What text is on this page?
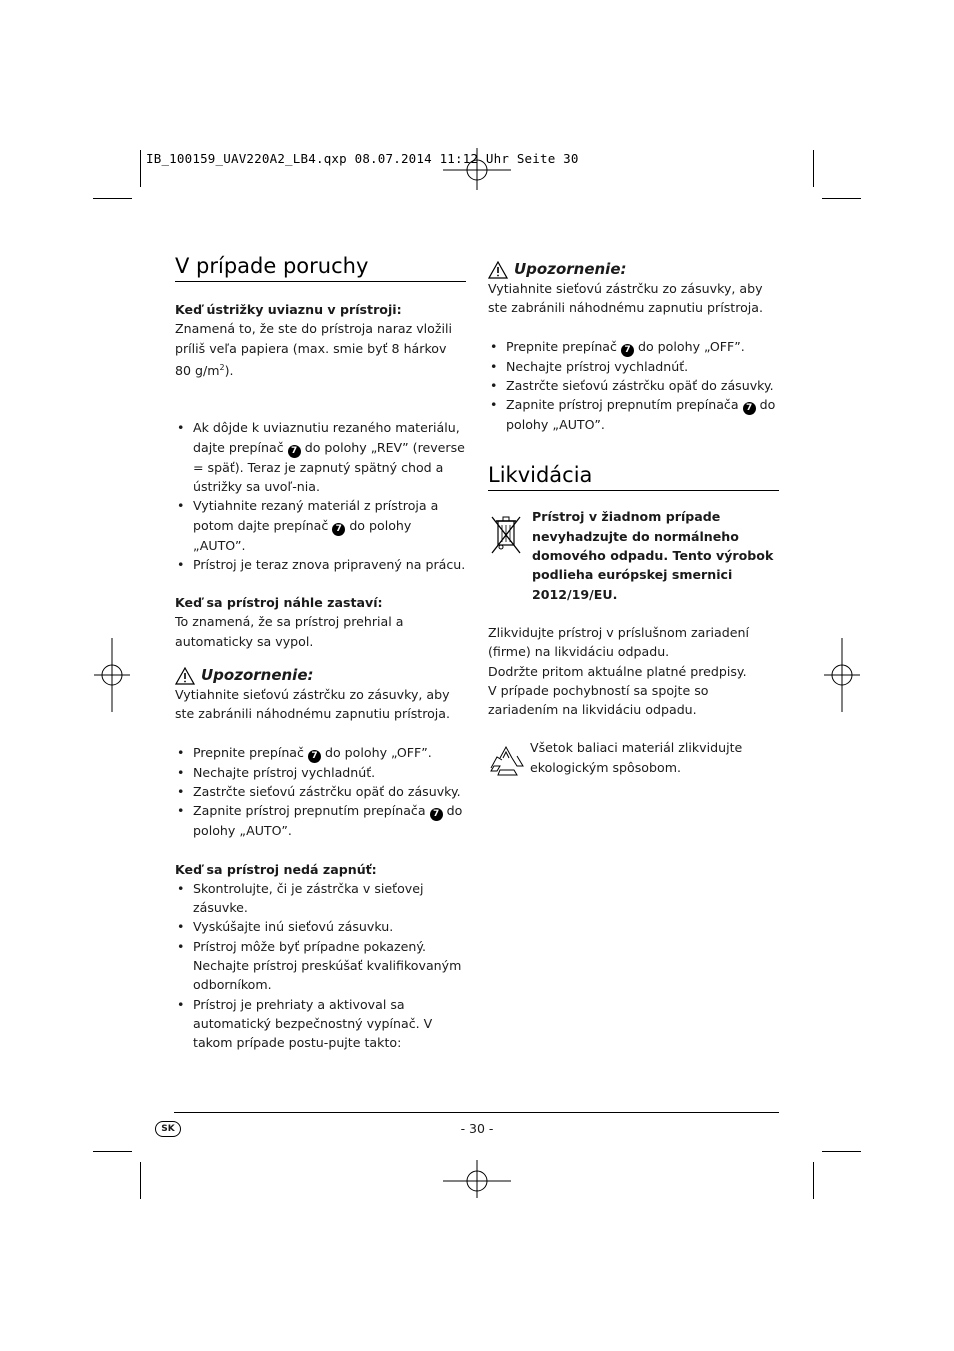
IB_100159_UAV220A2_LB4.qxp 08.07.2014 11:12 Uhr Seite 30
V prípade poruchy

Keď ústrižky uviaznu v prístroji:

Znamená to, že ste do prístroja naraz vložili príliš veľa papiera (max. smie byť 8 hárkov 80 $g/m^2$).

• Ak dôjde k uviaznutiu rezaného materiálu, dajte prepínač 7 do polohy „REV” (reverse = späť). Teraz je zapnutý spätný chod a ústrižky sa uvoľ-nia.
• Vytiahnite rezaný materiál z prístroja a potom dajte prepínač 7 do polohy „AUTO”.
• Prístroj je teraz znova pripravený na prácu.

Keď sa prístroj náhle zastaví:

To znamená, že sa prístroj prehrial a automaticky sa vypol.

Upozornenie:

Vytiahnite sieťovú zástrčku zo zásuvky, aby ste zabránili náhodnému zapnutiu prístroja.

• Prepnite prepínač 7 do polohy „OFF”.
• Nechajte prístroj vychladnúť.
• Zastrčte sieťovú zástrčku opäť do zásuvky.
• Zapnite prístroj prepnutím prepínača 7 do polohy „AUTO”.

Keď sa prístroj nedá zapnúť:

• Skontrolujte, či je zástrčka v sieťovej zásuvke.
• Vyskúšajte inú sieťovú zásuvku.
• Prístroj môže byť prípadne pokazený. Nechajte prístroj preskúšať kvalifikovaným odborníkom.
• Prístroj je prehriaty a aktivoval sa automatický bezpečnostný vypínač. V takom prípade postu-pujte takto:
Upozornenie:

Vytiahnite sieťovú zástrčku zo zásuvky, aby ste zabránili náhodnému zapnutiu prístroja.

• Prepnite prepínač 7 do polohy „OFF”.
• Nechajte prístroj vychladnúť.
• Zastrčte sieťovú zástrčku opäť do zásuvky.
• Zapnite prístroj prepnutím prepínača 7 do polohy „AUTO”.
Likvidácia

Prístroj v žiadnom prípade nevyhadzujte do normálneho domového odpadu. Tento výrobok podlieha európskej smernici 2012/19/EU.

Zlikvidujte prístroj v príslušnom zariadení (firme) na likvidáciu odpadu.

Dodržte pritom aktuálne platné predpisy.

V prípade pochybností sa spojte so zariadením na likvidáciu odpadu.

Všetok baliaci materiál zlikvidujte ekologickým spôsobom.

SK	- 30 -
